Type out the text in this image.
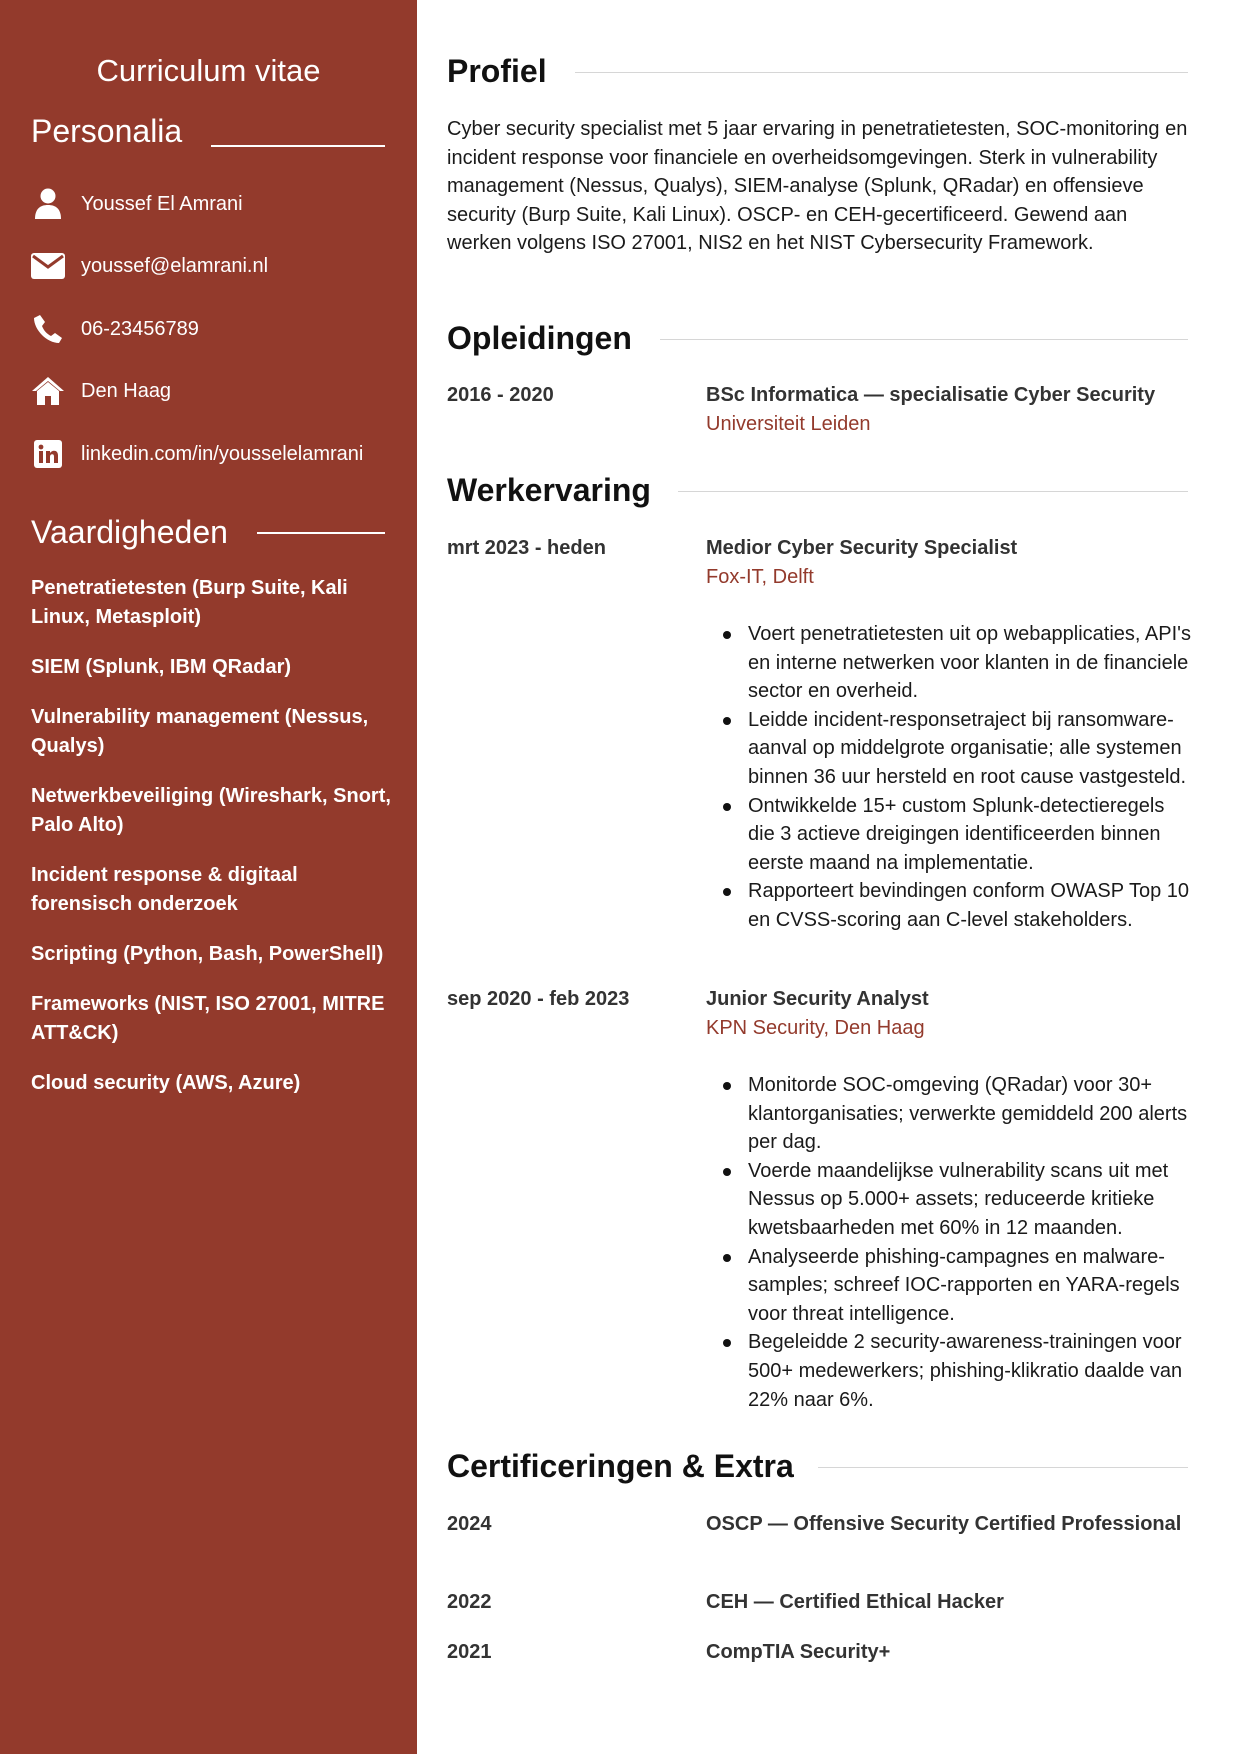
Curriculum vitae
Personalia
Youssef El Amrani
youssef@elamrani.nl
06-23456789
Den Haag
linkedin.com/in/yousselelamrani
Vaardigheden
Penetratietesten (Burp Suite, Kali Linux, Metasploit)
SIEM (Splunk, IBM QRadar)
Vulnerability management (Nessus, Qualys)
Netwerkbeveiliging (Wireshark, Snort, Palo Alto)
Incident response & digitaal forensisch onderzoek
Scripting (Python, Bash, PowerShell)
Frameworks (NIST, ISO 27001, MITRE ATT&CK)
Cloud security (AWS, Azure)
Profiel

Cyber security specialist met 5 jaar ervaring in penetratietesten, SOC-monitoring en incident response voor financiele en overheidsomgevingen. Sterk in vulnerability management (Nessus, Qualys), SIEM-analyse (Splunk, QRadar) en offensieve security (Burp Suite, Kali Linux). OSCP- en CEH-gecertificeerd. Gewend aan werken volgens ISO 27001, NIS2 en het NIST Cybersecurity Framework.

Opleidingen
2016 - 2020	BSc Informatica — specialisatie Cyber Security
Universiteit Leiden
Werkervaring
mrt 2023 - heden	Medior Cyber Security Specialist
Fox-IT, Delft
Voert penetratietesten uit op webapplicaties, API's en interne netwerken voor klanten in de financiele sector en overheid.
Leidde incident-responsetraject bij ransomware-aanval op middelgrote organisatie; alle systemen binnen 36 uur hersteld en root cause vastgesteld.
Ontwikkelde 15+ custom Splunk-detectieregels die 3 actieve dreigingen identificeerden binnen eerste maand na implementatie.
Rapporteert bevindingen conform OWASP Top 10 en CVSS-scoring aan C-level stakeholders.
sep 2020 - feb 2023	Junior Security Analyst
KPN Security, Den Haag
Monitorde SOC-omgeving (QRadar) voor 30+ klantorganisaties; verwerkte gemiddeld 200 alerts per dag.
Voerde maandelijkse vulnerability scans uit met Nessus op 5.000+ assets; reduceerde kritieke kwetsbaarheden met 60% in 12 maanden.
Analyseerde phishing-campagnes en malware-samples; schreef IOC-rapporten en YARA-regels voor threat intelligence.
Begeleidde 2 security-awareness-trainingen voor 500+ medewerkers; phishing-klikratio daalde van 22% naar 6%.
Certificeringen & Extra
2024	OSCP — Offensive Security Certified Professional
2022	CEH — Certified Ethical Hacker
2021	CompTIA Security+
